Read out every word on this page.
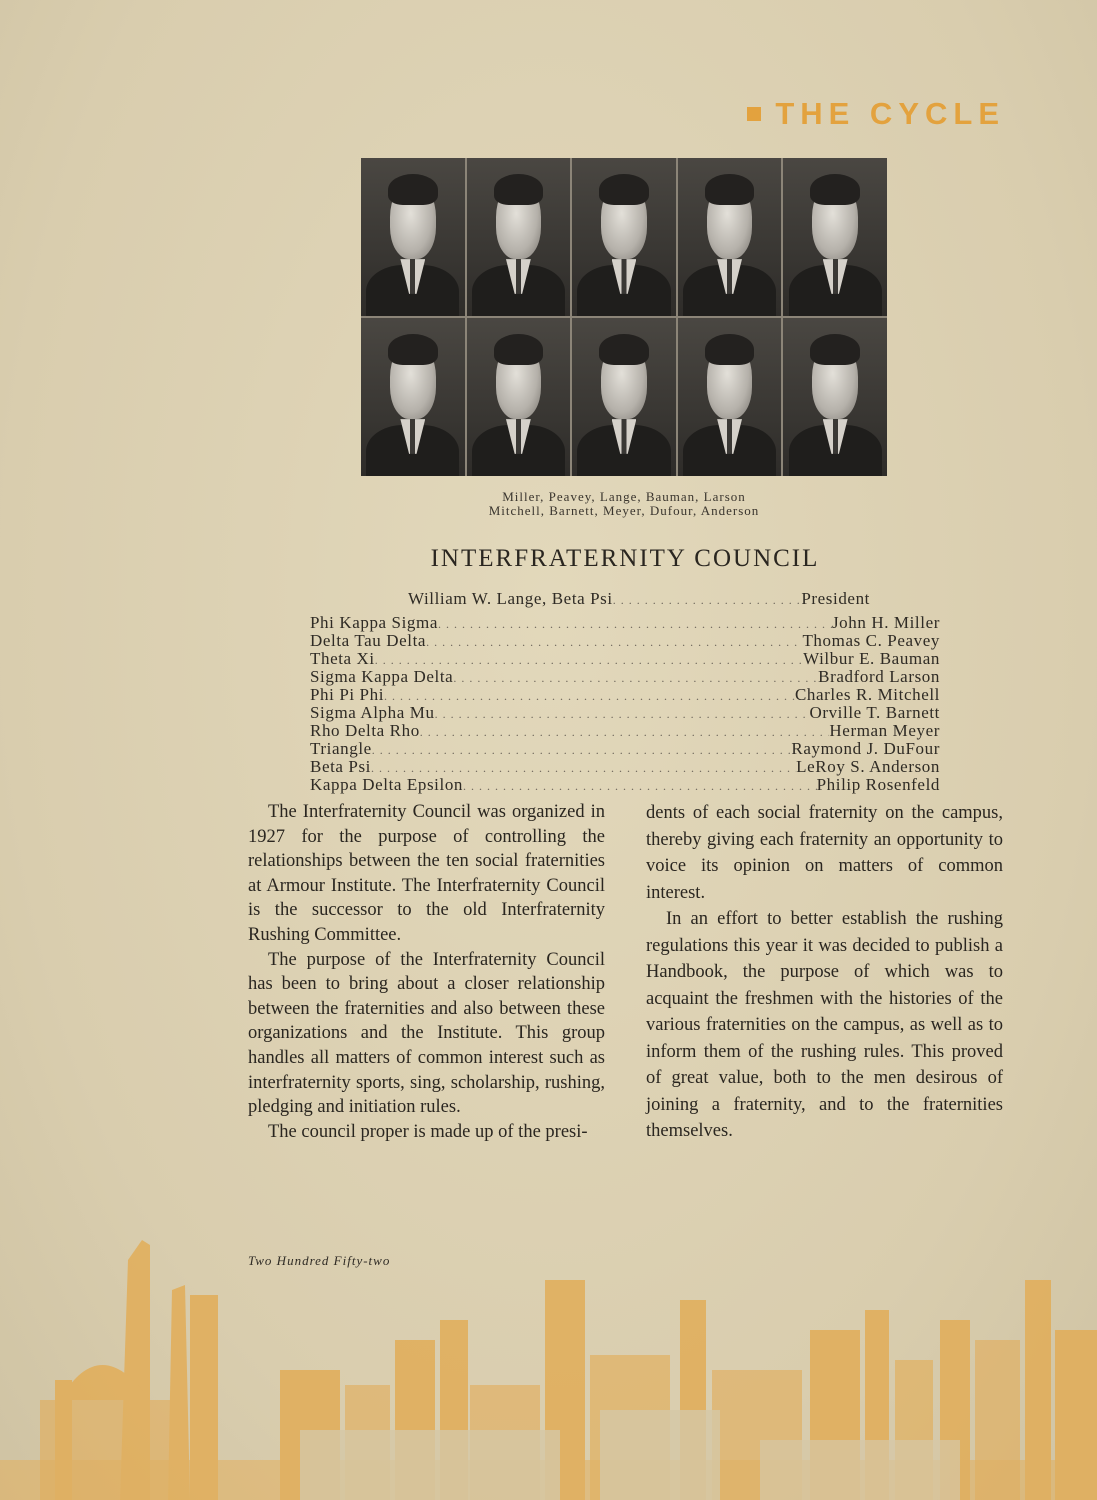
THE CYCLE
Miller, Peavey, Lange, Bauman, Larson
Mitchell, Barnett, Meyer, Dufour, Anderson
INTERFRATERNITY COUNCIL
William W. Lange, Beta Psi . . .	President
Phi Kappa Sigma . . .	John H. Miller
Delta Tau Delta . . .	Thomas C. Peavey
Theta Xi . . .	Wilbur E. Bauman
Sigma Kappa Delta . . .	Bradford Larson
Phi Pi Phi . . .	Charles R. Mitchell
Sigma Alpha Mu . . .	Orville T. Barnett
Rho Delta Rho . . .	Herman Meyer
Triangle . . .	Raymond J. DuFour
Beta Psi . . .	LeRoy S. Anderson
Kappa Delta Epsilon . . .	Philip Rosenfeld

The Interfraternity Council was organized in 1927 for the purpose of controlling the relationships between the ten social fraternities at Armour Institute. The Interfraternity Council is the successor to the old Interfraternity Rushing Committee.

The purpose of the Interfraternity Council has been to bring about a closer relationship between the fraternities and also between these organizations and the Institute. This group handles all matters of common interest such as interfraternity sports, sing, scholarship, rushing, pledging and initiation rules.

The council proper is made up of the presi-

dents of each social fraternity on the campus, thereby giving each fraternity an opportunity to voice its opinion on matters of common interest.

In an effort to better establish the rushing regulations this year it was decided to publish a Handbook, the purpose of which was to acquaint the freshmen with the histories of the various fraternities on the campus, as well as to inform them of the rushing rules. This proved of great value, both to the men desirous of joining a fraternity, and to the fraternities themselves.

Two Hundred Fifty-two
